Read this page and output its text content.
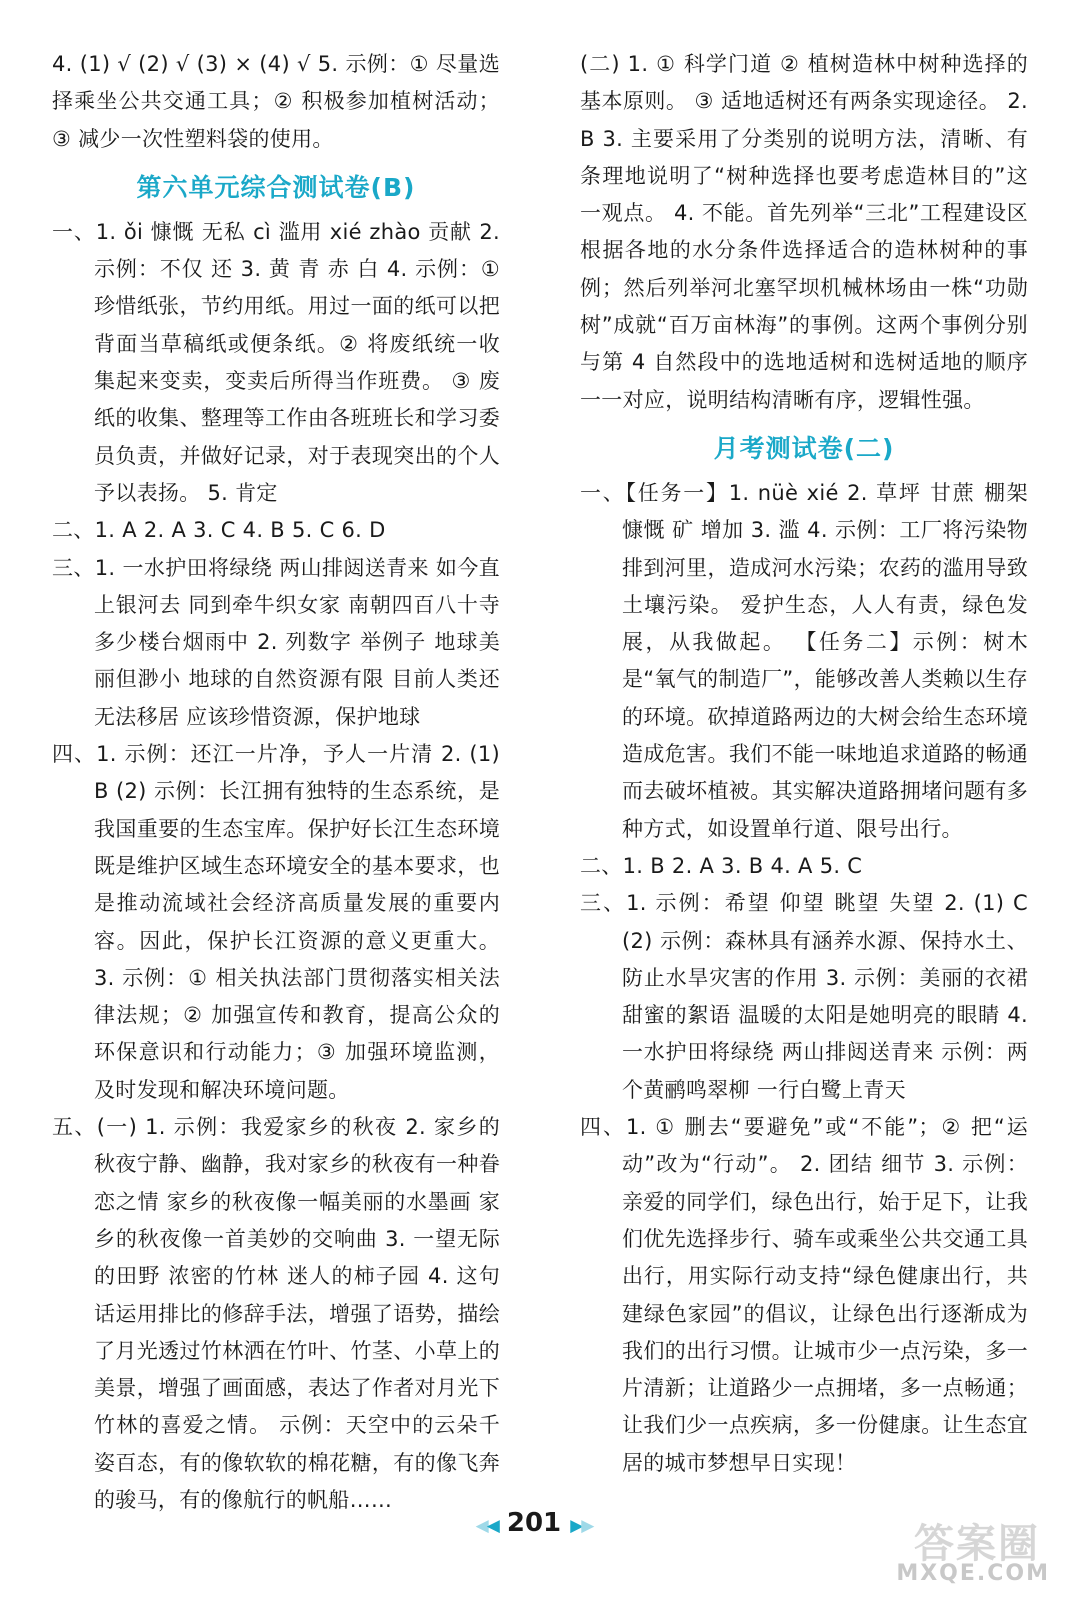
4. (1) √ (2) √ (3) × (4) √ 5. 示例：① 尽量选择乘坐公共交通工具；② 积极参加植树活动；③ 减少一次性塑料袋的使用。

第六单元综合测试卷(B)

一、1. ǒi 慷慨 无私 cì 滥用 xié zhào 贡献 2. 示例：不仅 还 3. 黄 青 赤 白 4. 示例：① 珍惜纸张，节约用纸。用过一面的纸可以把背面当草稿纸或便条纸。② 将废纸统一收集起来变卖，变卖后所得当作班费。 ③ 废纸的收集、整理等工作由各班班长和学习委员负责，并做好记录，对于表现突出的个人予以表扬。 5. 肯定

二、1. A 2. A 3. C 4. B 5. C 6. D

三、1. 一水护田将绿绕 两山排闼送青来 如今直上银河去 同到牵牛织女家 南朝四百八十寺 多少楼台烟雨中 2. 列数字 举例子 地球美丽但渺小 地球的自然资源有限 目前人类还无法移居 应该珍惜资源，保护地球

四、1. 示例：还江一片净，予人一片清 2. (1) B (2) 示例：长江拥有独特的生态系统，是我国重要的生态宝库。保护好长江生态环境既是维护区域生态环境安全的基本要求，也是推动流域社会经济高质量发展的重要内容。因此，保护长江资源的意义更重大。 3. 示例：① 相关执法部门贯彻落实相关法律法规；② 加强宣传和教育，提高公众的环保意识和行动能力；③ 加强环境监测，及时发现和解决环境问题。

五、(一) 1. 示例：我爱家乡的秋夜 2. 家乡的秋夜宁静、幽静，我对家乡的秋夜有一种眷恋之情 家乡的秋夜像一幅美丽的水墨画 家乡的秋夜像一首美妙的交响曲 3. 一望无际的田野 浓密的竹林 迷人的柿子园 4. 这句话运用排比的修辞手法，增强了语势，描绘了月光透过竹林洒在竹叶、竹茎、小草上的美景，增强了画面感，表达了作者对月光下竹林的喜爱之情。 示例：天空中的云朵千姿百态，有的像软软的棉花糖，有的像飞奔的骏马，有的像航行的帆船……

(二) 1. ① 科学门道 ② 植树造林中树种选择的基本原则。 ③ 适地适树还有两条实现途径。 2. B 3. 主要采用了分类别的说明方法，清晰、有条理地说明了“树种选择也要考虑造林目的”这一观点。 4. 不能。首先列举“三北”工程建设区根据各地的水分条件选择适合的造林树种的事例；然后列举河北塞罕坝机械林场由一株“功勋树”成就“百万亩林海”的事例。这两个事例分别与第 4 自然段中的选地适树和选树适地的顺序一一对应，说明结构清晰有序，逻辑性强。

月考测试卷(二)

一、【任务一】1. nüè xié 2. 草坪 甘蔗 棚架 慷慨 矿 增加 3. 滥 4. 示例：工厂将污染物排到河里，造成河水污染；农药的滥用导致土壤污染。 爱护生态，人人有责，绿色发展，从我做起。 【任务二】示例：树木是“氧气的制造厂”，能够改善人类赖以生存的环境。砍掉道路两边的大树会给生态环境造成危害。我们不能一味地追求道路的畅通而去破坏植被。其实解决道路拥堵问题有多种方式，如设置单行道、限号出行。

二、1. B 2. A 3. B 4. A 5. C

三、1. 示例：希望 仰望 眺望 失望 2. (1) C (2) 示例：森林具有涵养水源、保持水土、防止水旱灾害的作用 3. 示例：美丽的衣裙 甜蜜的絮语 温暖的太阳是她明亮的眼睛 4. 一水护田将绿绕 两山排闼送青来 示例：两个黄鹂鸣翠柳 一行白鹭上青天

四、1. ① 删去“要避免”或“不能”；② 把“运动”改为“行动”。 2. 团结 细节 3. 示例：亲爱的同学们，绿色出行，始于足下，让我们优先选择步行、骑车或乘坐公共交通工具出行，用实际行动支持“绿色健康出行，共建绿色家园”的倡议，让绿色出行逐渐成为我们的出行习惯。让城市少一点污染，多一片清新；让道路少一点拥堵，多一点畅通；让我们少一点疾病，多一份健康。让生态宜居的城市梦想早日实现！

◀◀ 201 ▶▶	答案圈
MXQE.COM
